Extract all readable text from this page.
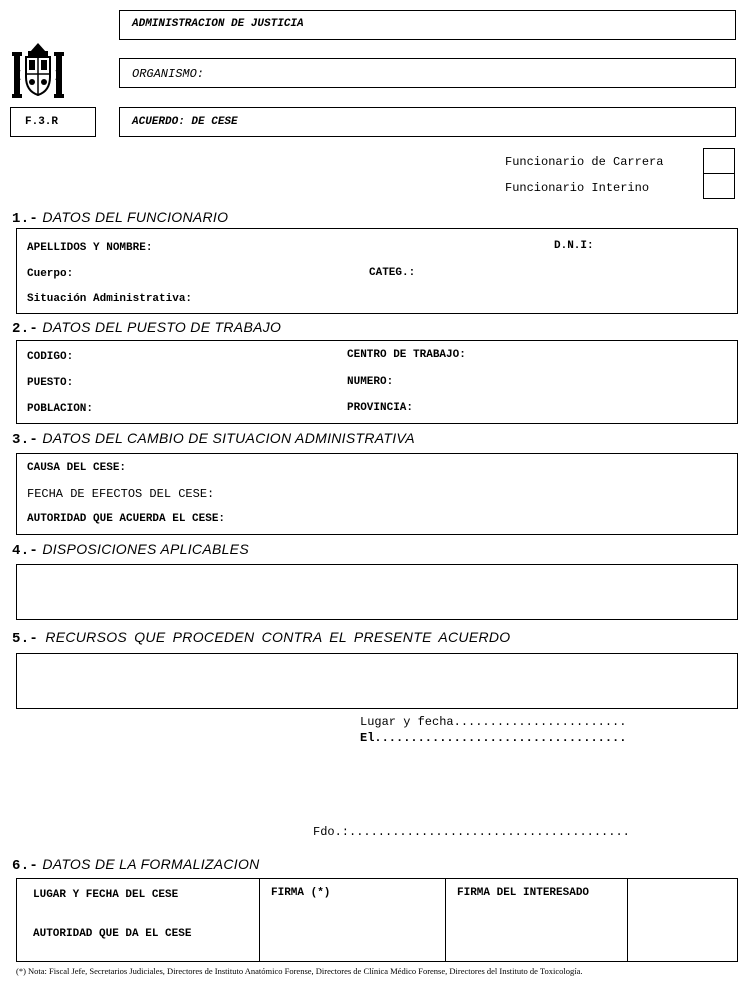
ADMINISTRACION DE JUSTICIA
ORGANISMO:
F.3.R	ACUERDO: DE CESE
Funcionario de Carrera
Funcionario Interino
1.- DATOS DEL FUNCIONARIO
APELLIDOS Y NOMBRE:	D.N.I:
Cuerpo:	CATEG.:
Situación Administrativa:
2.- DATOS DEL PUESTO DE TRABAJO
CODIGO:	CENTRO DE TRABAJO:
PUESTO:	NUMERO:
POBLACION:	PROVINCIA:
3.- DATOS DEL CAMBIO DE SITUACION ADMINISTRATIVA
CAUSA DEL CESE:
FECHA DE EFECTOS DEL CESE:
AUTORIDAD QUE ACUERDA EL CESE:
4.- DISPOSICIONES APLICABLES
5.- RECURSOS QUE PROCEDEN CONTRA EL PRESENTE ACUERDO
Lugar y fecha........................
El...................................
Fdo.:.......................................
6.- DATOS DE LA FORMALIZACION
LUGAR Y FECHA DEL CESE
AUTORIDAD QUE DA EL CESE
FIRMA (*)	FIRMA DEL INTERESADO
(*) Nota: Fiscal Jefe, Secretarios Judiciales, Directores de Instituto Anatómico Forense, Directores de Clínica Médico Forense, Directores del Instituto de Toxicología.
